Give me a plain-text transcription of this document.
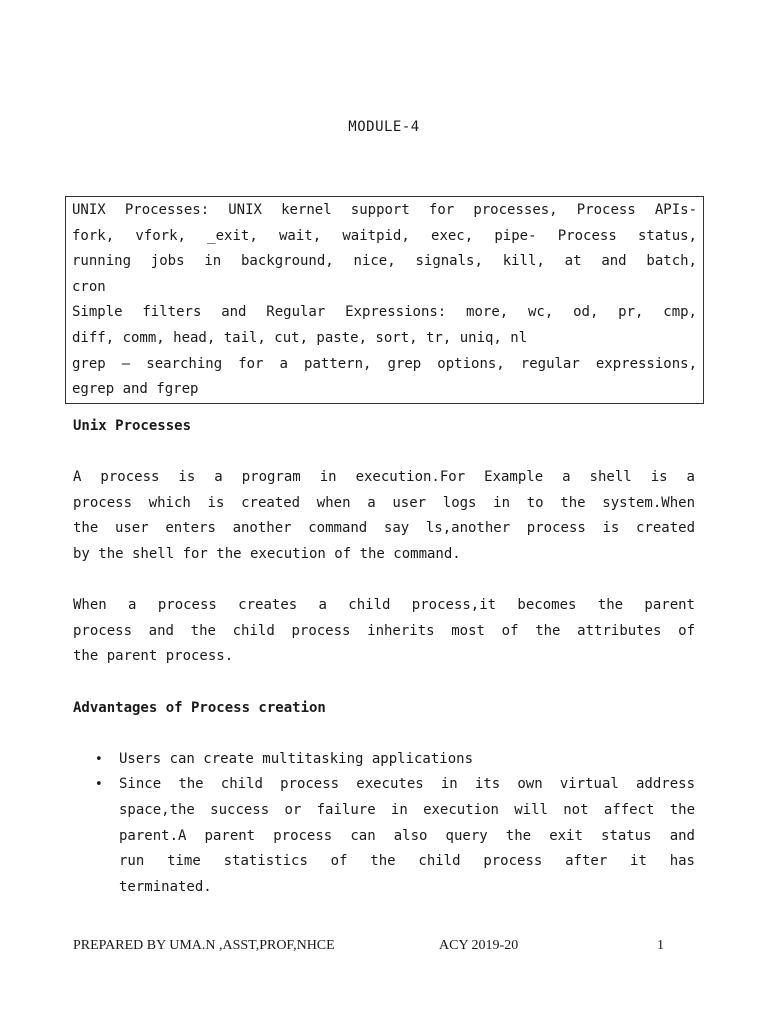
MODULE-4

UNIX Processes: UNIX kernel support for processes, Process APIs-
fork, vfork, _exit, wait, waitpid, exec, pipe- Process status,
running jobs in background, nice, signals, kill, at and batch,
cron
Simple filters and Regular Expressions: more, wc, od, pr, cmp,
diff, comm, head, tail, cut, paste, sort, tr, uniq, nl
grep – searching for a pattern, grep options, regular expressions,
egrep and fgrep

Unix Processes

A process is a program in execution.For Example a shell is a
process which is created when a user logs in to the system.When
the user enters another command say ls,another process is created
by the shell for the execution of the command.

When a process creates a child process,it becomes the parent
process and the child process inherits most of the attributes of
the parent process.

Advantages of Process creation

• Users can create multitasking applications
• Since the child process executes in its own virtual address
space,the success or failure in execution will not affect the
parent.A parent process can also query the exit status and
run time statistics of the child process after it has
terminated.
PREPARED BY UMA.N ,ASST,PROF,NHCE	ACY 2019-20	1
